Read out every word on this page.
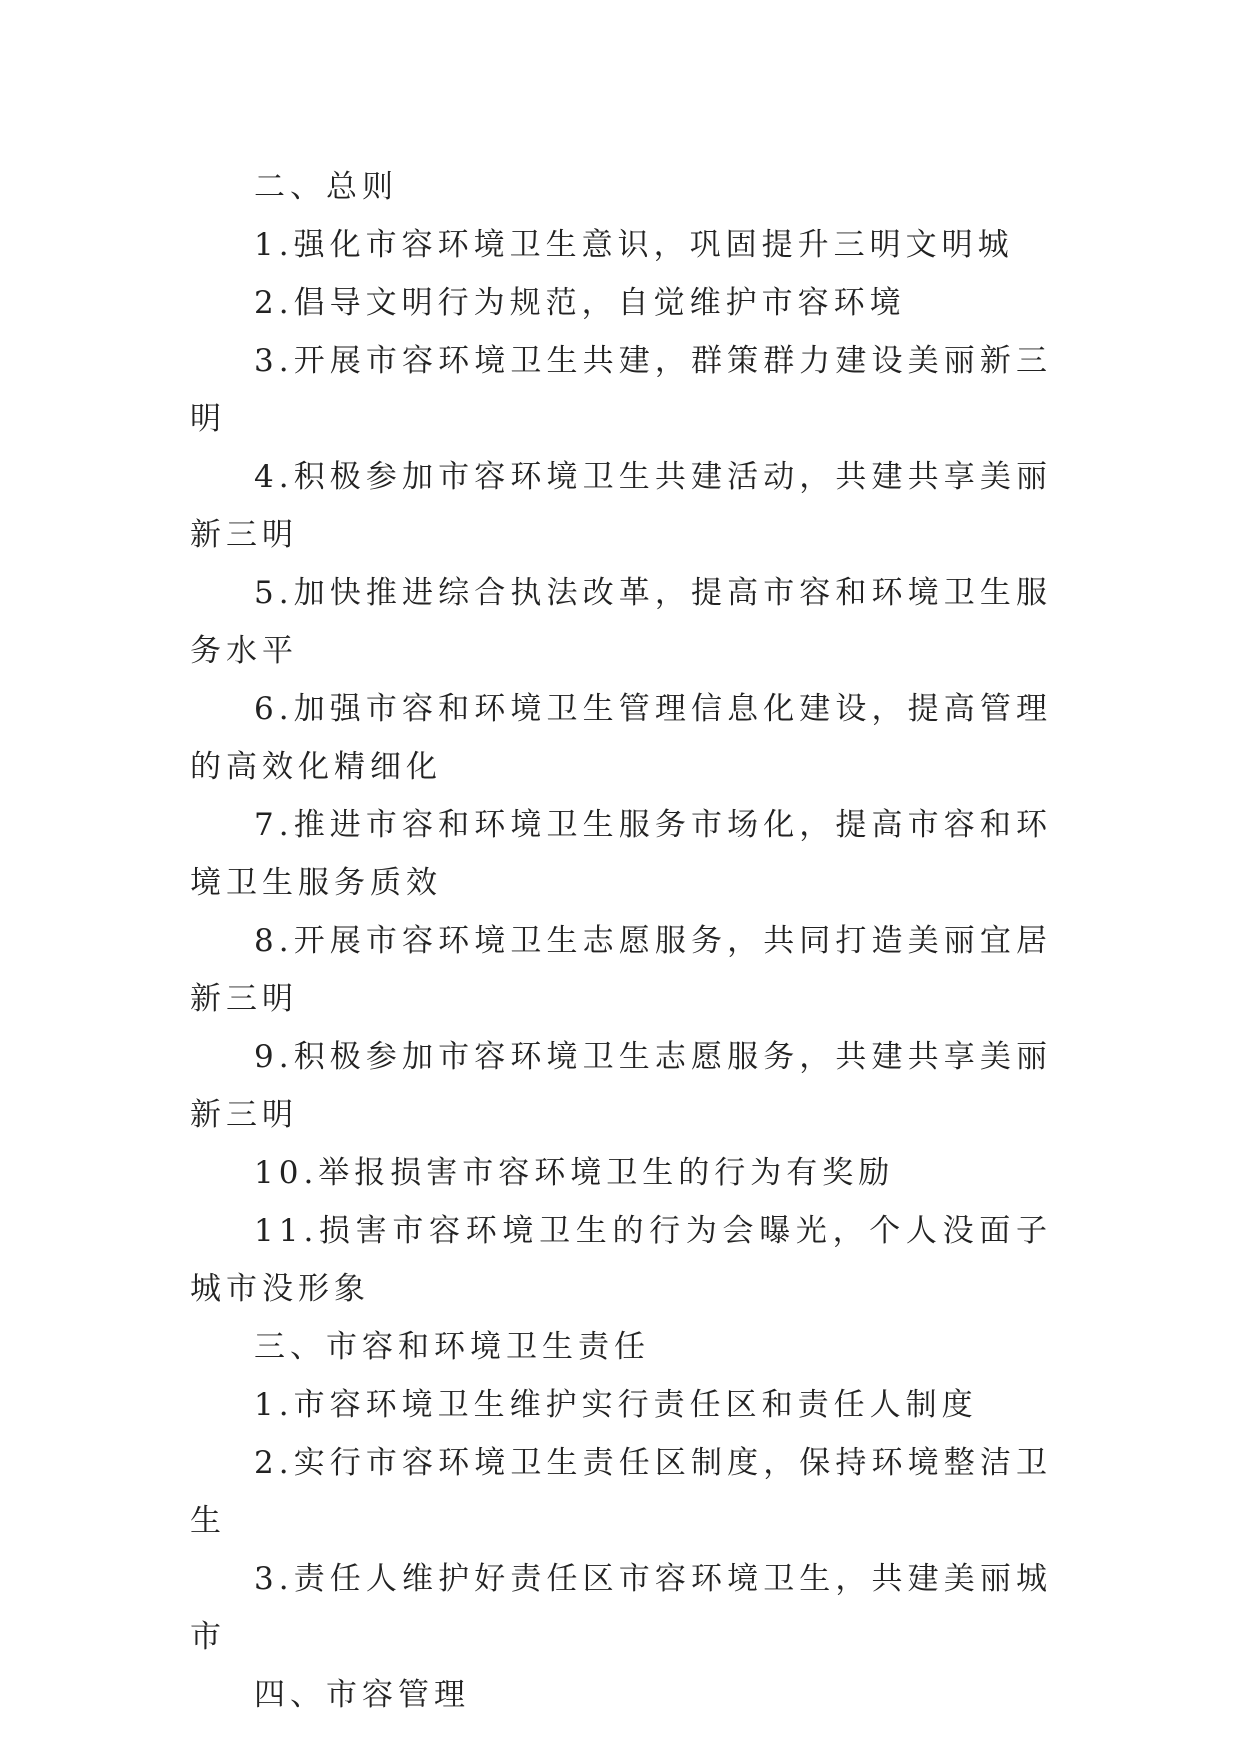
二、总则

1.强化市容环境卫生意识，巩固提升三明文明城

2.倡导文明行为规范，自觉维护市容环境

3.开展市容环境卫生共建，群策群力建设美丽新三明

4.积极参加市容环境卫生共建活动，共建共享美丽新三明

5.加快推进综合执法改革，提高市容和环境卫生服务水平

6.加强市容和环境卫生管理信息化建设，提高管理的高效化精细化

7.推进市容和环境卫生服务市场化，提高市容和环境卫生服务质效

8.开展市容环境卫生志愿服务，共同打造美丽宜居新三明

9.积极参加市容环境卫生志愿服务，共建共享美丽新三明

10.举报损害市容环境卫生的行为有奖励

11.损害市容环境卫生的行为会曝光，个人没面子城市没形象

三、市容和环境卫生责任

1.市容环境卫生维护实行责任区和责任人制度

2.实行市容环境卫生责任区制度，保持环境整洁卫生

3.责任人维护好责任区市容环境卫生，共建美丽城市

四、市容管理
